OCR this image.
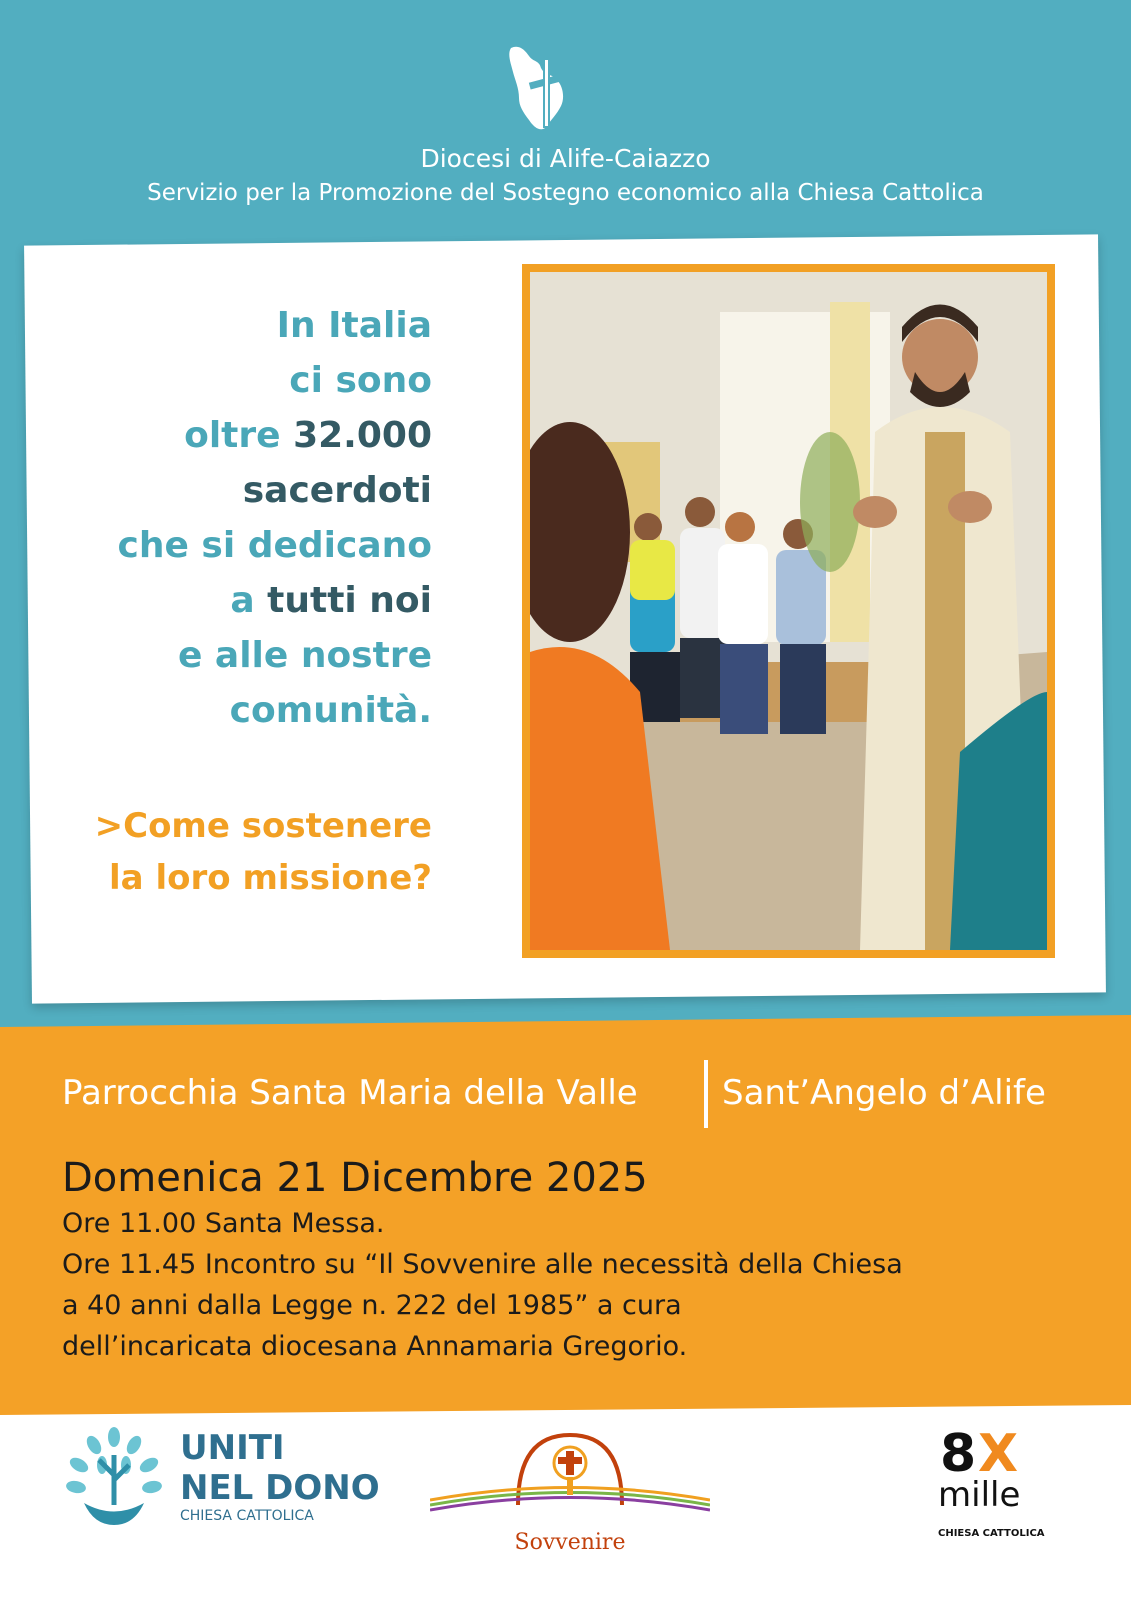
Diocesi di Alife-Caiazzo
Servizio per la Promozione del Sostegno economico alla Chiesa Cattolica
In Italia
ci sono
oltre 32.000
sacerdoti
che si dedicano
a tutti noi
e alle nostre
comunità.
>Come sostenere
la loro missione?
Parrocchia Santa Maria della Valle Sant’Angelo d’Alife
Domenica 21 Dicembre 2025
Ore 11.00 Santa Messa.
Ore 11.45 Incontro su “Il Sovvenire alle necessità della Chiesa
a 40 anni dalla Legge n. 222 del 1985” a cura
dell’incaricata diocesana Annamaria Gregorio.
UNITI
NEL DONO
CHIESA CATTOLICA
Sovvenire
8 X
mille
CHIESA CATTOLICA
